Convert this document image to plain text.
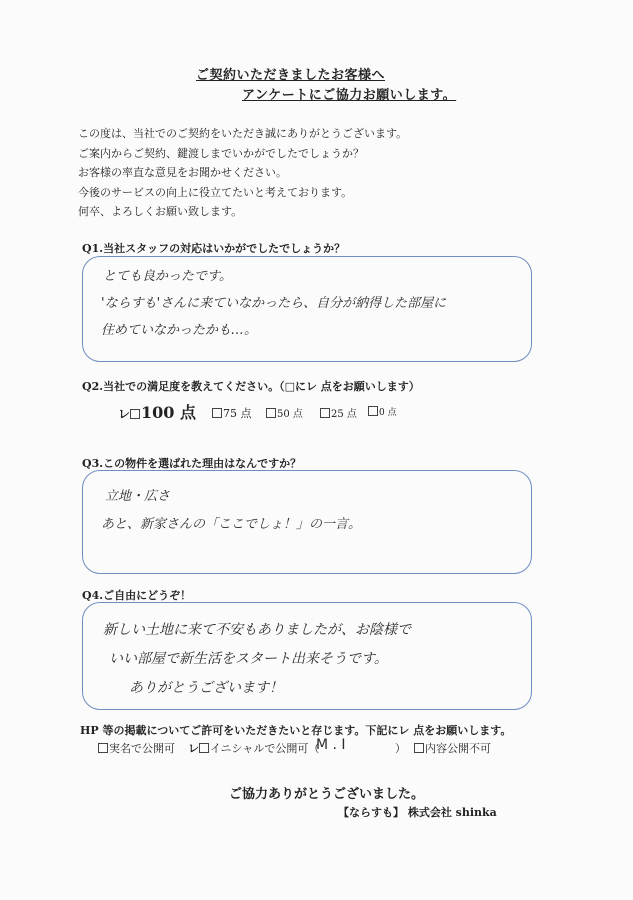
ご契約いただきましたお客様へ
アンケートにご協力お願いします。
この度は、当社でのご契約をいただき誠にありがとうございます。
ご案内からご契約、鍵渡しまでいかがでしたでしょうか？
お客様の率直な意見をお聞かせください。
今後のサービスの向上に役立てたいと考えております。
何卒、よろしくお願い致します。
Q1.当社スタッフの対応はいかがでしたでしょうか？
とても良かったです。
'ならすも'さんに来ていなかったら、自分が納得した部屋に
住めていなかったかも…。
Q2.当社での満足度を教えてください。（□にレ 点をお願いします）
レ 100 点	75 点	50 点	25 点	0 点
Q3.この物件を選ばれた理由はなんですか？
立地・広さ
あと、新家さんの「ここでしょ！」の一言。
Q4.ご自由にどうぞ！
新しい土地に来て不安もありましたが、お陰様で
いい部屋で新生活をスタート出来そうです。
ありがとうございます！
HP 等の掲載についてご許可をいただきたいと存じます。下記にレ 点をお願いします。
実名で公開可 レ イニシャルで公開可（
M . I	）	内容公開不可
ご協力ありがとうございました。
【ならすも】 株式会社 shinka
